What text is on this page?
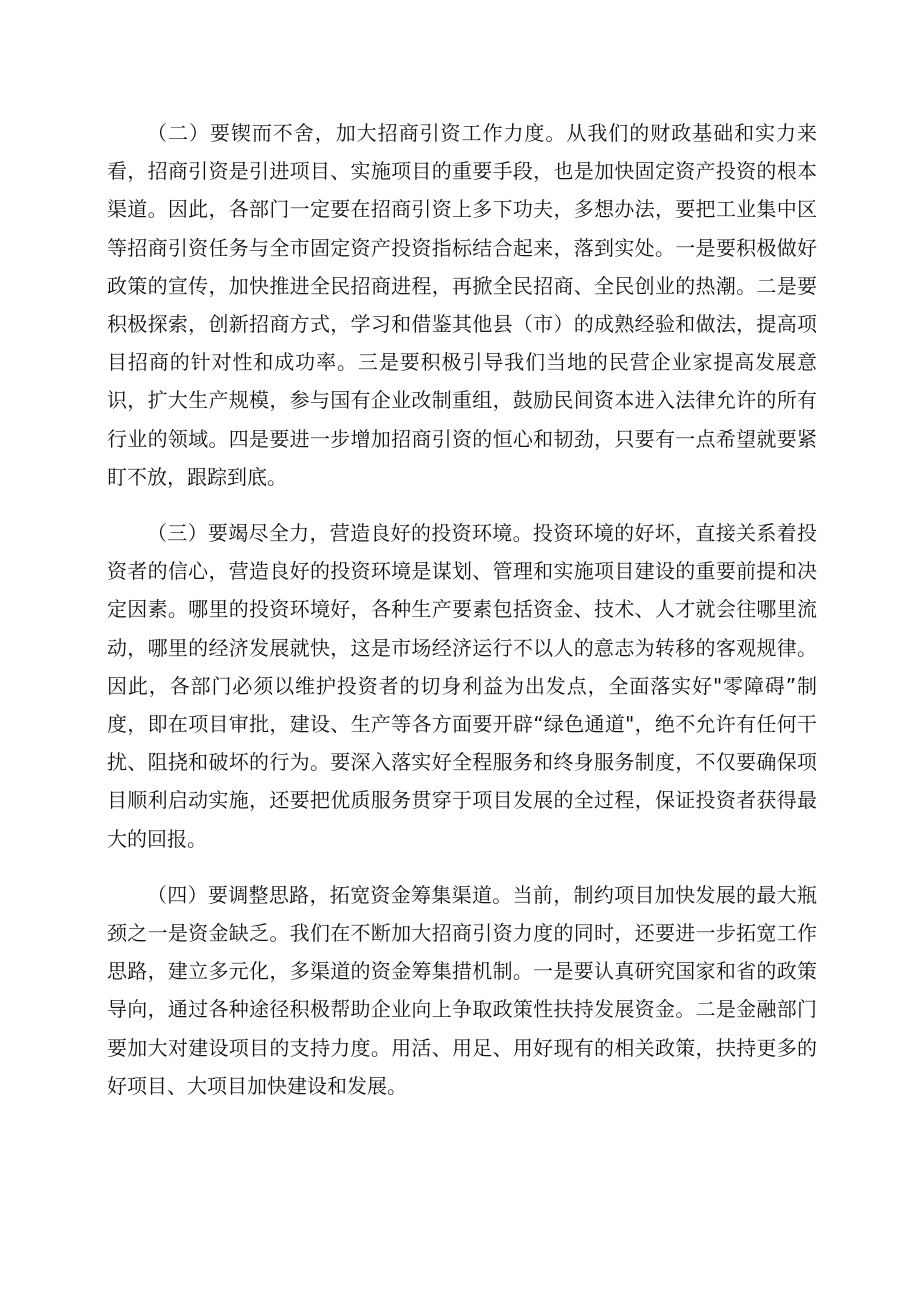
（二）要锲而不舍，加大招商引资工作力度。从我们的财政基础和实力来看，招商引资是引进项目、实施项目的重要手段，也是加快固定资产投资的根本渠道。因此，各部门一定要在招商引资上多下功夫，多想办法，要把工业集中区等招商引资任务与全市固定资产投资指标结合起来，落到实处。一是要积极做好政策的宣传，加快推进全民招商进程，再掀全民招商、全民创业的热潮。二是要积极探索，创新招商方式，学习和借鉴其他县（市）的成熟经验和做法，提高项目招商的针对性和成功率。三是要积极引导我们当地的民营企业家提高发展意识，扩大生产规模，参与国有企业改制重组，鼓励民间资本进入法律允许的所有行业的领域。四是要进一步增加招商引资的恒心和韧劲，只要有一点希望就要紧盯不放，跟踪到底。

（三）要竭尽全力，营造良好的投资环境。投资环境的好坏，直接关系着投资者的信心，营造良好的投资环境是谋划、管理和实施项目建设的重要前提和决定因素。哪里的投资环境好，各种生产要素包括资金、技术、人才就会往哪里流动，哪里的经济发展就快，这是市场经济运行不以人的意志为转移的客观规律。因此，各部门必须以维护投资者的切身利益为出发点，全面落实好"零障碍”制度，即在项目审批，建设、生产等各方面要开辟“绿色通道"，绝不允许有任何干扰、阻挠和破坏的行为。要深入落实好全程服务和终身服务制度，不仅要确保项目顺利启动实施，还要把优质服务贯穿于项目发展的全过程，保证投资者获得最大的回报。

（四）要调整思路，拓宽资金筹集渠道。当前，制约项目加快发展的最大瓶颈之一是资金缺乏。我们在不断加大招商引资力度的同时，还要进一步拓宽工作思路，建立多元化，多渠道的资金筹集措机制。一是要认真研究国家和省的政策导向，通过各种途径积极帮助企业向上争取政策性扶持发展资金。二是金融部门要加大对建设项目的支持力度。用活、用足、用好现有的相关政策，扶持更多的好项目、大项目加快建设和发展。
